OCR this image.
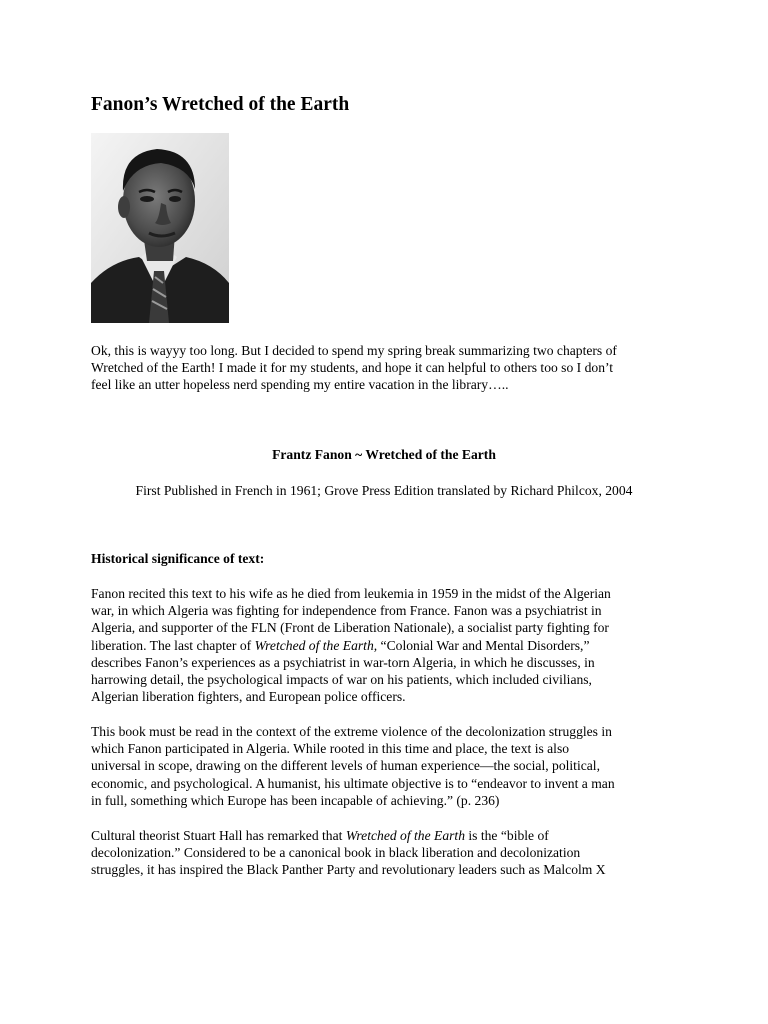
Fanon’s Wretched of the Earth

Ok, this is wayyy too long. But I decided to spend my spring break summarizing two chapters of
Wretched of the Earth! I made it for my students, and hope it can helpful to others too so I don’t
feel like an utter hopeless nerd spending my entire vacation in the library…..

Frantz Fanon ~ Wretched of the Earth

First Published in French in 1961; Grove Press Edition translated by Richard Philcox, 2004

Historical significance of text:

Fanon recited this text to his wife as he died from leukemia in 1959 in the midst of the Algerian
war, in which Algeria was fighting for independence from France. Fanon was a psychiatrist in
Algeria, and supporter of the FLN (Front de Liberation Nationale), a socialist party fighting for
liberation. The last chapter of Wretched of the Earth, “Colonial War and Mental Disorders,”
describes Fanon’s experiences as a psychiatrist in war-torn Algeria, in which he discusses, in
harrowing detail, the psychological impacts of war on his patients, which included civilians,
Algerian liberation fighters, and European police officers.

This book must be read in the context of the extreme violence of the decolonization struggles in
which Fanon participated in Algeria. While rooted in this time and place, the text is also
universal in scope, drawing on the different levels of human experience—the social, political,
economic, and psychological. A humanist, his ultimate objective is to “endeavor to invent a man
in full, something which Europe has been incapable of achieving.” (p. 236)

Cultural theorist Stuart Hall has remarked that Wretched of the Earth is the “bible of
decolonization.” Considered to be a canonical book in black liberation and decolonization
struggles, it has inspired the Black Panther Party and revolutionary leaders such as Malcolm X
